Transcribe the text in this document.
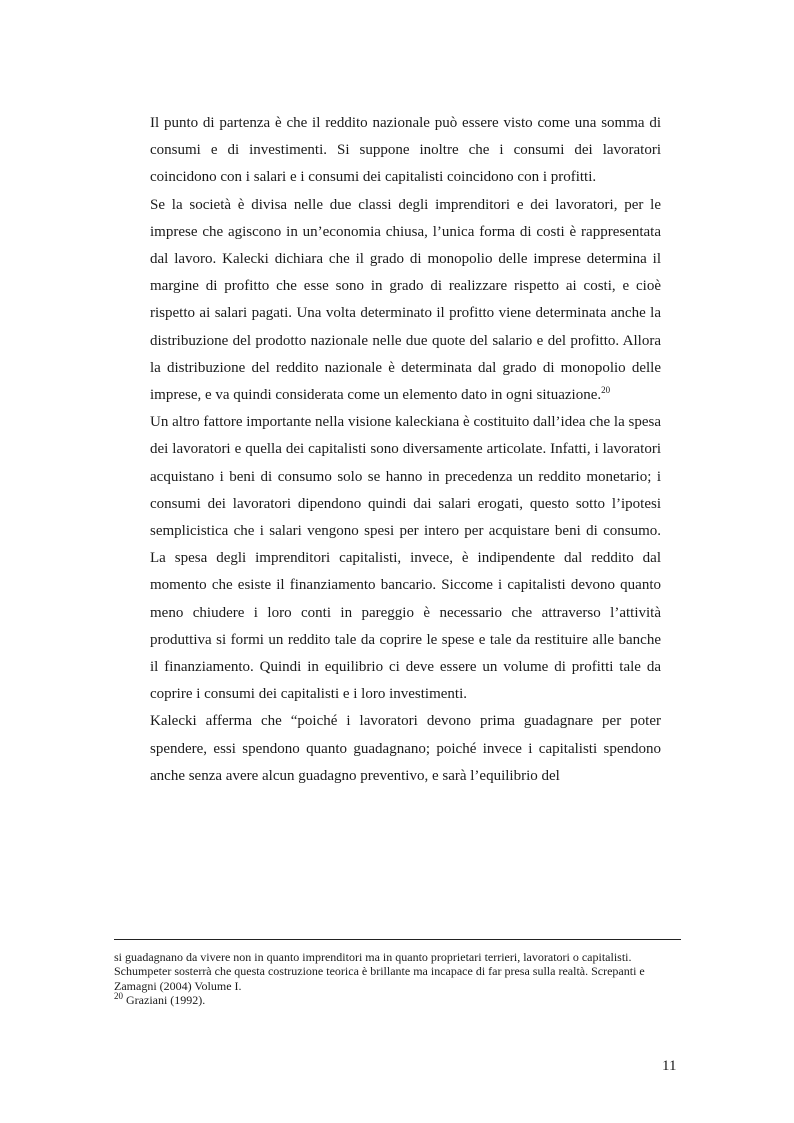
Il punto di partenza è che il reddito nazionale può essere visto come una somma di consumi e di investimenti. Si suppone inoltre che i consumi dei lavoratori coincidono con i salari e i consumi dei capitalisti coincidono con i profitti.

Se la società è divisa nelle due classi degli imprenditori e dei lavoratori, per le imprese che agiscono in un’economia chiusa, l’unica forma di costi è rappresentata dal lavoro. Kalecki dichiara che il grado di monopolio delle imprese determina il margine di profitto che esse sono in grado di realizzare rispetto ai costi, e cioè rispetto ai salari pagati. Una volta determinato il profitto viene determinata anche la distribuzione del prodotto nazionale nelle due quote del salario e del profitto. Allora la distribuzione del reddito nazionale è determinata dal grado di monopolio delle imprese, e va quindi considerata come un elemento dato in ogni situazione.$^{20}$

Un altro fattore importante nella visione kaleckiana è costituito dall’idea che la spesa dei lavoratori e quella dei capitalisti sono diversamente articolate. Infatti, i lavoratori acquistano i beni di consumo solo se hanno in precedenza un reddito monetario; i consumi dei lavoratori dipendono quindi dai salari erogati, questo sotto l’ipotesi semplicistica che i salari vengono spesi per intero per acquistare beni di consumo. La spesa degli imprenditori capitalisti, invece, è indipendente dal reddito dal momento che esiste il finanziamento bancario. Siccome i capitalisti devono quanto meno chiudere i loro conti in pareggio è necessario che attraverso l’attività produttiva si formi un reddito tale da coprire le spese e tale da restituire alle banche il finanziamento. Quindi in equilibrio ci deve essere un volume di profitti tale da coprire i consumi dei capitalisti e i loro investimenti.

Kalecki afferma che “poiché i lavoratori devono prima guadagnare per poter spendere, essi spendono quanto guadagnano; poiché invece i capitalisti spendono anche senza avere alcun guadagno preventivo, e sarà l’equilibrio del

si guadagnano da vivere non in quanto imprenditori ma in quanto proprietari terrieri, lavoratori o capitalisti. Schumpeter sosterrà che questa costruzione teorica è brillante ma incapace di far presa sulla realtà. Screpanti e Zamagni (2004) Volume I.

$^{20}$ Graziani (1992).

11
